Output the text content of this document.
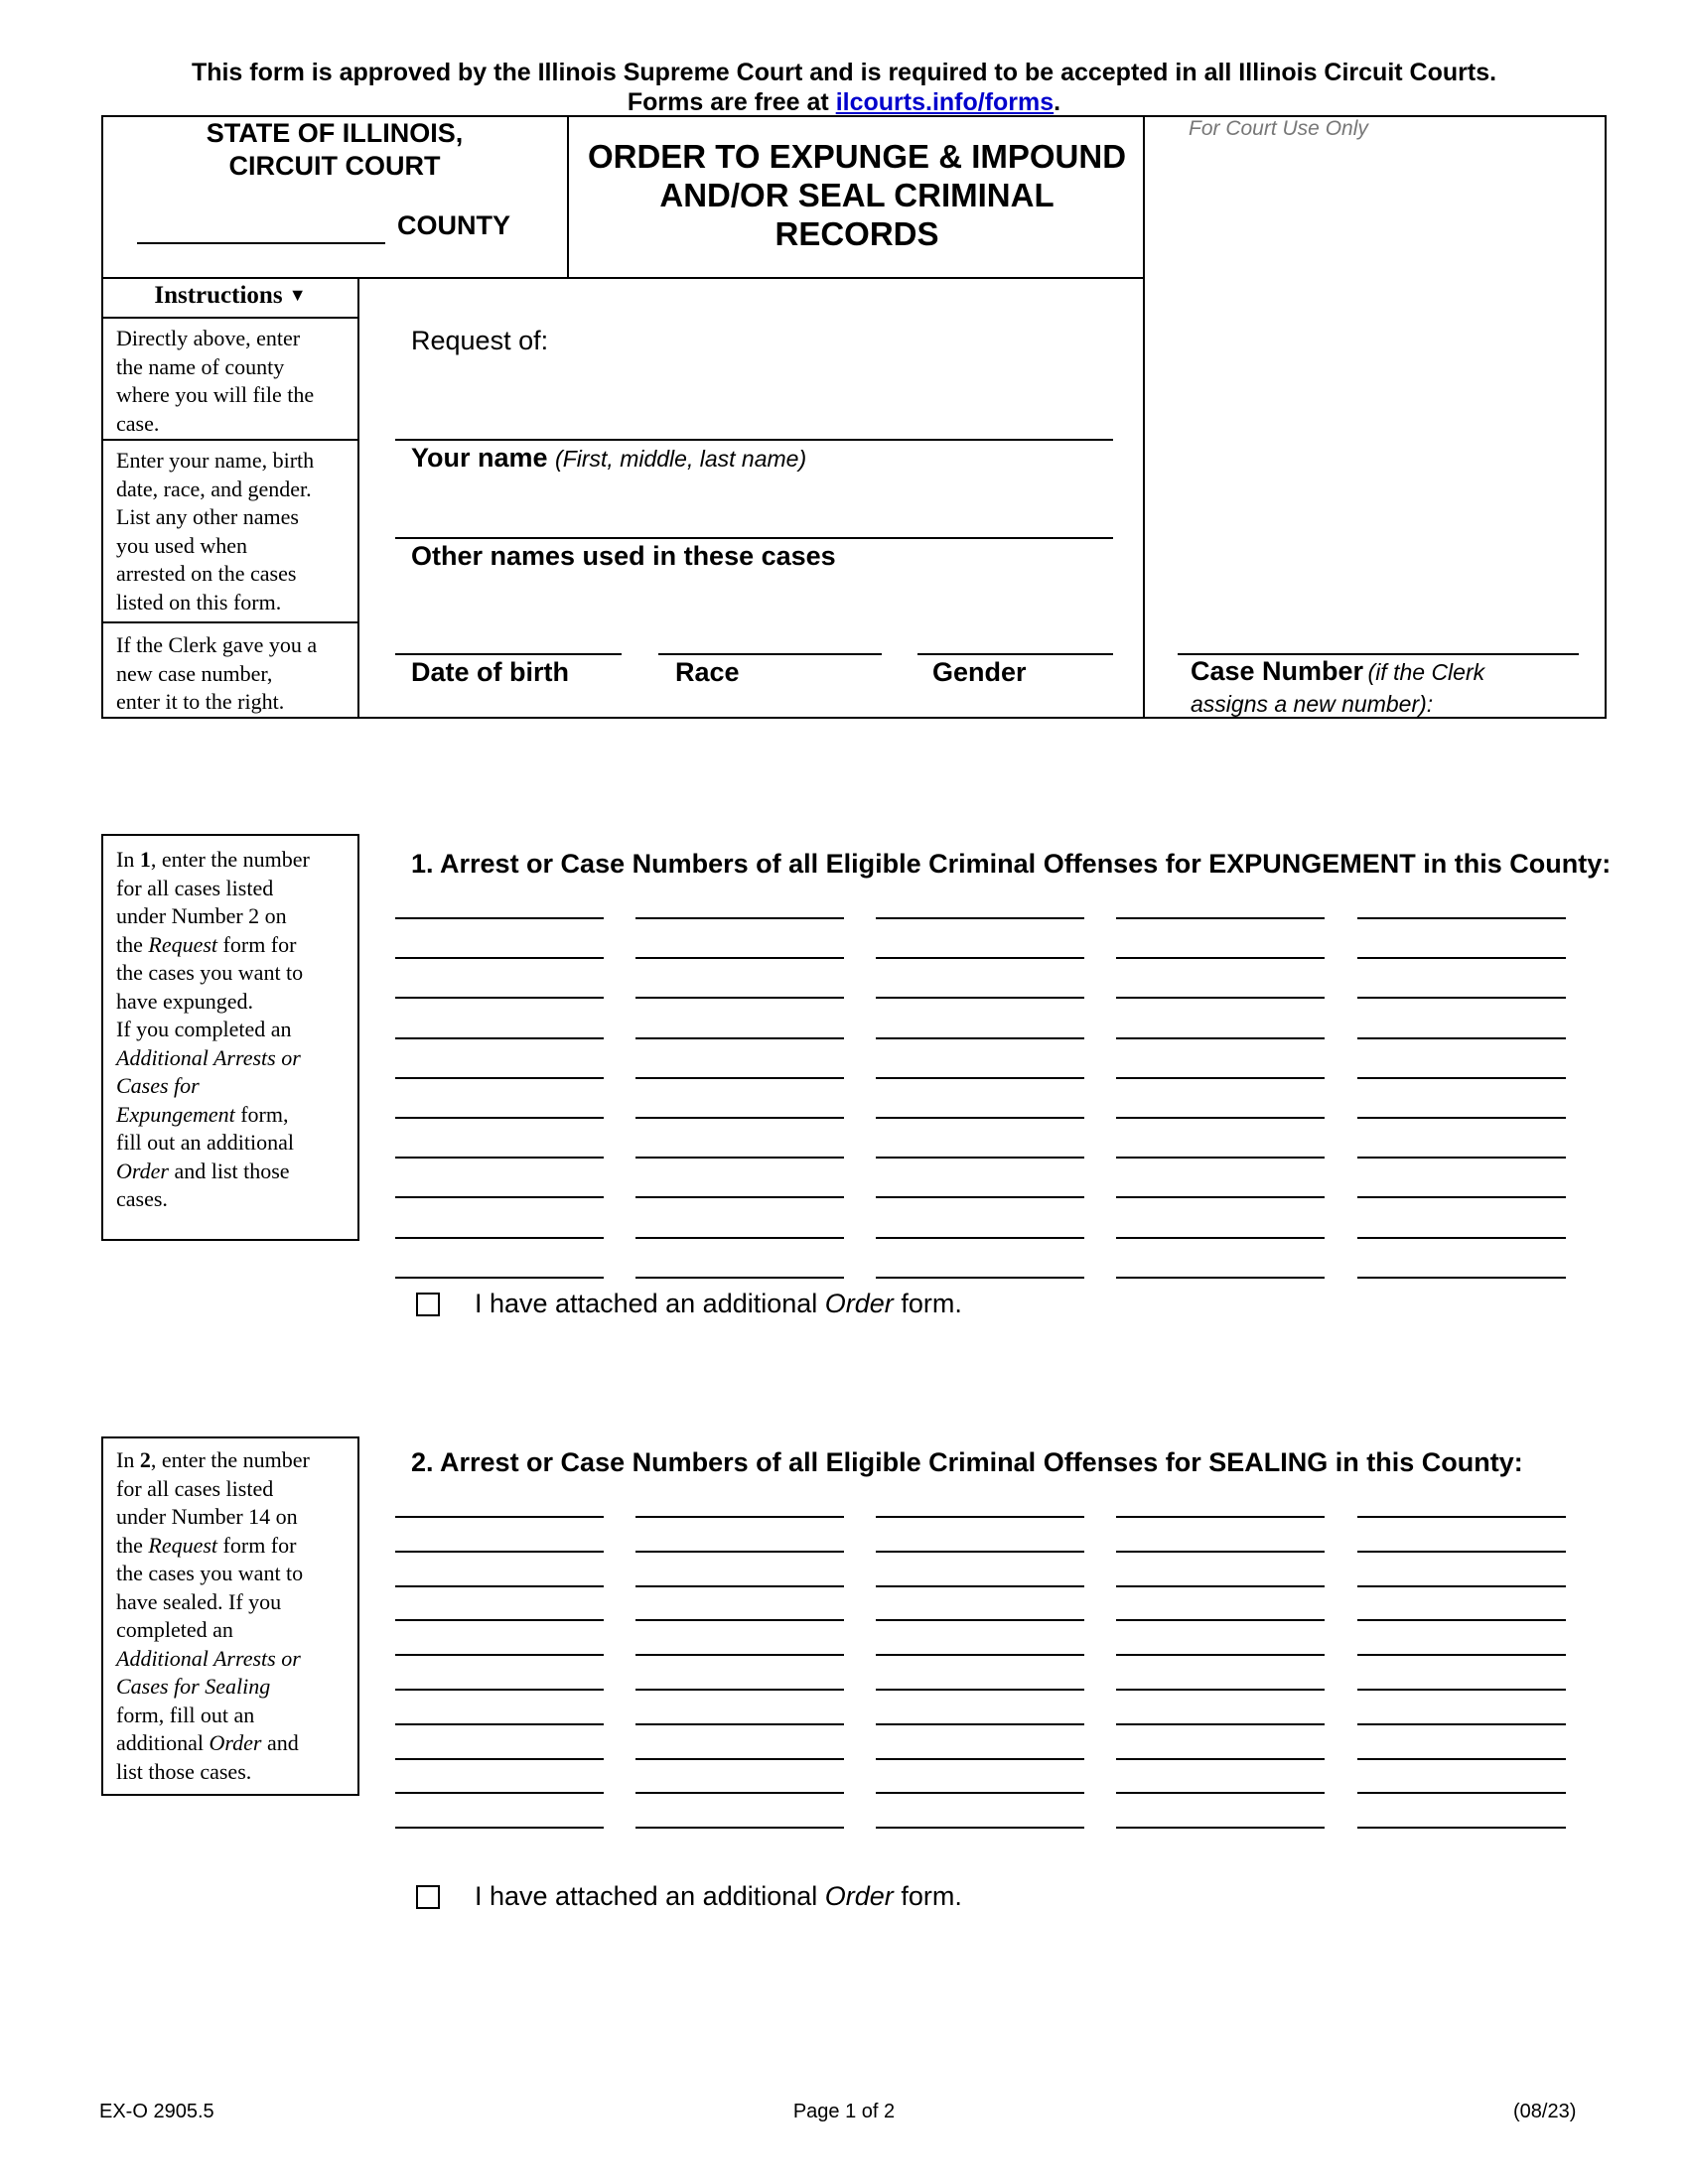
This form is approved by the Illinois Supreme Court and is required to be accepted in all Illinois Circuit Courts.
Forms are free at ilcourts.info/forms.
STATE OF ILLINOIS,
CIRCUIT COURT
COUNTY
ORDER TO EXPUNGE & IMPOUND
AND/OR SEAL CRIMINAL
RECORDS
For Court Use Only
Instructions ▼
Directly above, enter
the name of county
where you will file the
case.
Enter your name, birth
date, race, and gender.
List any other names
you used when
arrested on the cases
listed on this form.
If the Clerk gave you a
new case number,
enter it to the right.
Request of:
Your name (First, middle, last name)
Other names used in these cases
Date of birth	Race	Gender	Case Number (if the Clerk
assigns a new number):
In 1, enter the number
for all cases listed
under Number 2 on
the Request form for
the cases you want to
have expunged.
If you completed an
Additional Arrests or
Cases for
Expungement form,
fill out an additional
Order and list those
cases.
1. Arrest or Case Numbers of all Eligible Criminal Offenses for EXPUNGEMENT in this County:
I have attached an additional Order form.
In 2, enter the number
for all cases listed
under Number 14 on
the Request form for
the cases you want to
have sealed. If you
completed an
Additional Arrests or
Cases for Sealing
form, fill out an
additional Order and
list those cases.
2. Arrest or Case Numbers of all Eligible Criminal Offenses for SEALING in this County:
I have attached an additional Order form.
EX-O 2905.5	Page 1 of 2	(08/23)
